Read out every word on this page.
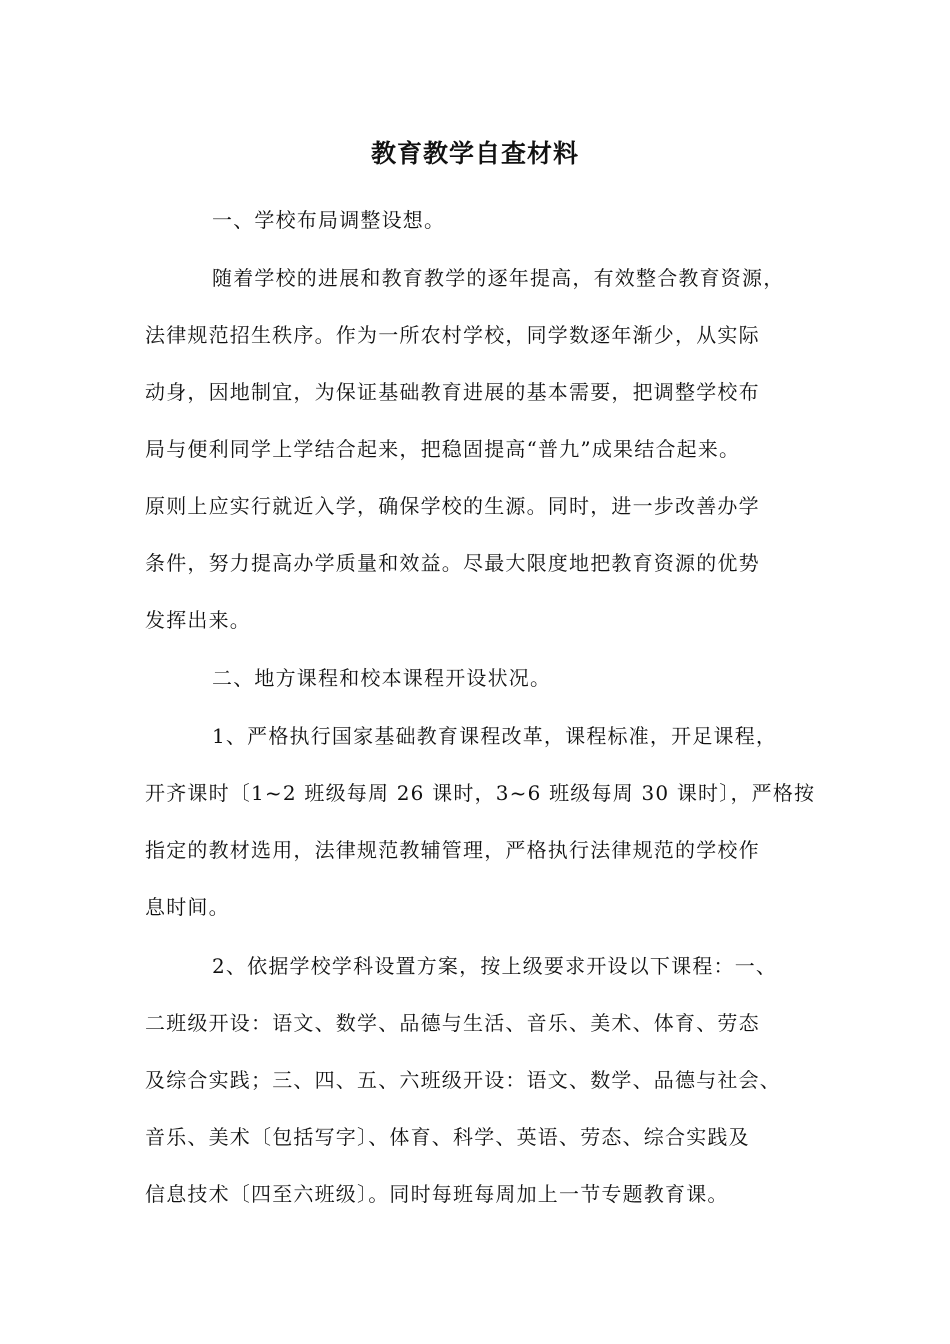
教育教学自查材料
一、学校布局调整设想。
随着学校的进展和教育教学的逐年提高，有效整合教育资源，
法律规范招生秩序。作为一所农村学校，同学数逐年渐少，从实际
动身，因地制宜，为保证基础教育进展的基本需要，把调整学校布
局与便利同学上学结合起来，把稳固提高“普九”成果结合起来。
原则上应实行就近入学，确保学校的生源。同时，进一步改善办学
条件，努力提高办学质量和效益。尽最大限度地把教育资源的优势
发挥出来。
二、地方课程和校本课程开设状况。
1、严格执行国家基础教育课程改革，课程标准，开足课程，
开齐课时〔1~2 班级每周 26 课时，3~6 班级每周 30 课时〕，严格按
指定的教材选用，法律规范教辅管理，严格执行法律规范的学校作
息时间。
2、依据学校学科设置方案，按上级要求开设以下课程：一、
二班级开设：语文、数学、品德与生活、音乐、美术、体育、劳态
及综合实践；三、四、五、六班级开设：语文、数学、品德与社会、
音乐、美术〔包括写字〕、体育、科学、英语、劳态、综合实践及
信息技术〔四至六班级〕。同时每班每周加上一节专题教育课。
